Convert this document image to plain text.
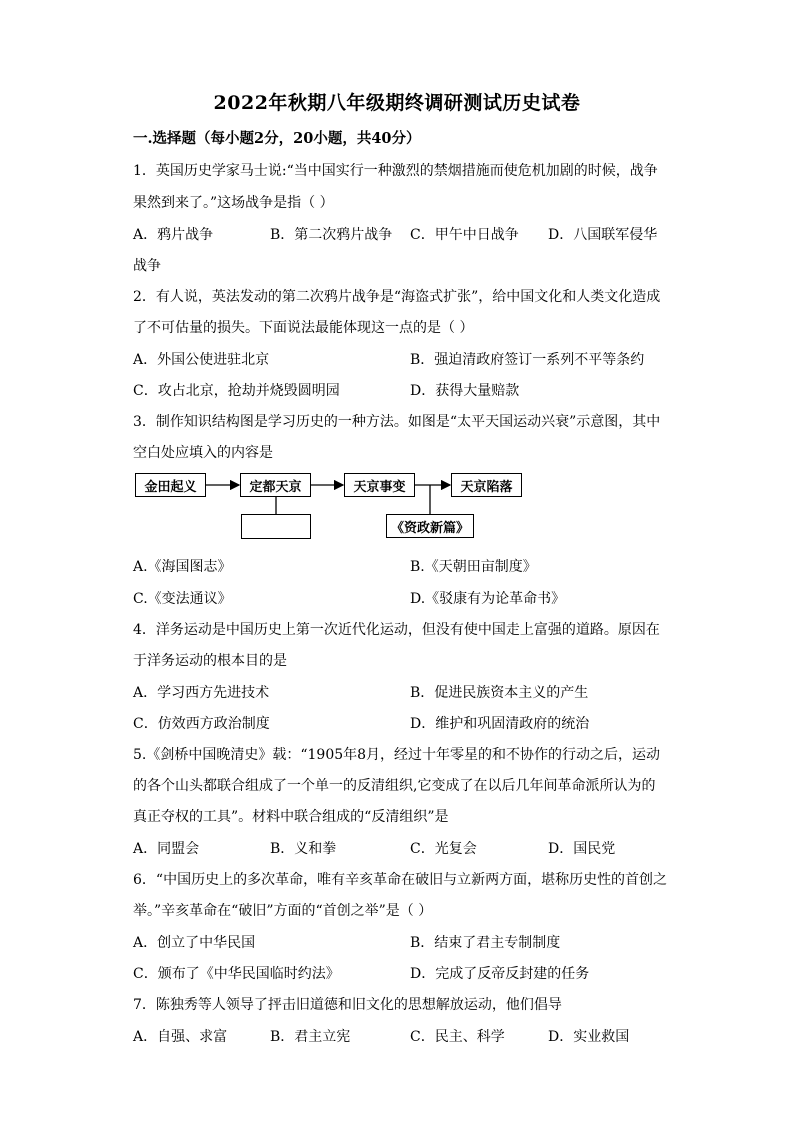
2022年秋期八年级期终调研测试历史试卷
一.选择题（每小题2分，20小题，共40分）
1．英国历史学家马士说:“当中国实行一种激烈的禁烟措施而使危机加剧的时候，战争
果然到来了。”这场战争是指（ ）
A．鸦片战争	B．第二次鸦片战争 C．甲午中日战争 D．八国联军侵华
战争
2．有人说，英法发动的第二次鸦片战争是“海盗式扩张”，给中国文化和人类文化造成
了不可估量的损失。下面说法最能体现这一点的是（ ）
A．外国公使进驻北京	B．强迫清政府签订一系列不平等条约
C．攻占北京，抢劫并烧毁圆明园	D．获得大量赔款
3．制作知识结构图是学习历史的一种方法。如图是“太平天国运动兴衰”示意图，其中
空白处应填入的内容是
金田起义	定都天京	天京事变	天京陷落
《资政新篇》
A.《海国图志》	B.《天朝田亩制度》
C.《变法通议》	D.《驳康有为论革命书》
4．洋务运动是中国历史上第一次近代化运动，但没有使中国走上富强的道路。原因在
于洋务运动的根本目的是
A．学习西方先进技术	B．促进民族资本主义的产生
C．仿效西方政治制度	D．维护和巩固清政府的统治
5.《剑桥中国晚清史》载：“1905年8月，经过十年零星的和不协作的行动之后，运动
的各个山头都联合组成了一个单一的反清组织,它变成了在以后几年间革命派所认为的
真正夺权的工具”。材料中联合组成的“反清组织”是
A．同盟会	B．义和拳	C．光复会	D．国民党
6．“中国历史上的多次革命，唯有辛亥革命在破旧与立新两方面，堪称历史性的首创之
举。”辛亥革命在“破旧”方面的“首创之举”是（ ）
A．创立了中华民国	B．结束了君主专制制度
C．颁布了《中华民国临时约法》	D．完成了反帝反封建的任务
7．陈独秀等人领导了抨击旧道德和旧文化的思想解放运动，他们倡导
A．自强、求富	B．君主立宪	C．民主、科学	D．实业救国
